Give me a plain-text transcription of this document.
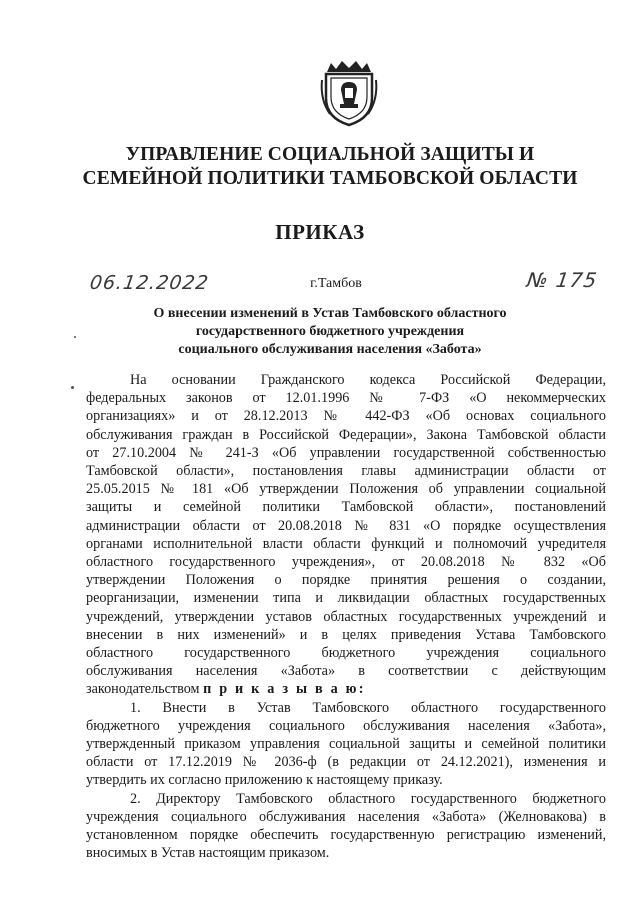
УПРАВЛЕНИЕ СОЦИАЛЬНОЙ ЗАЩИТЫ И
СЕМЕЙНОЙ ПОЛИТИКИ ТАМБОВСКОЙ ОБЛАСТИ
ПРИКАЗ
06.12.2022	г.Тамбов	№ 175
О внесении изменений в Устав Тамбовского областного
государственного бюджетного учреждения
социального обслуживания населения «Забота»
На основании Гражданского кодекса Российской Федерации,
федеральных законов от 12.01.1996 № 7-ФЗ «О некоммерческих
организациях» и от 28.12.2013 № 442-ФЗ «Об основах социального
обслуживания граждан в Российской Федерации», Закона Тамбовской области
от 27.10.2004 № 241-З «Об управлении государственной собственностью
Тамбовской области», постановления главы администрации области от
25.05.2015 № 181 «Об утверждении Положения об управлении социальной
защиты и семейной политики Тамбовской области», постановлений
администрации области от 20.08.2018 № 831 «О порядке осуществления
органами исполнительной власти области функций и полномочий учредителя
областного государственного учреждения», от 20.08.2018 № 832 «Об
утверждении Положения о порядке принятия решения о создании,
реорганизации, изменении типа и ликвидации областных государственных
учреждений, утверждении уставов областных государственных учреждений и
внесении в них изменений» и в целях приведения Устава Тамбовского
областного государственного бюджетного учреждения социального
обслуживания населения «Забота» в соответствии с действующим
законодательством п р и к а з ы в а ю:
1. Внести в Устав Тамбовского областного государственного
бюджетного учреждения социального обслуживания населения «Забота»,
утвержденный приказом управления социальной защиты и семейной политики
области от 17.12.2019 № 2036-ф (в редакции от 24.12.2021), изменения и
утвердить их согласно приложению к настоящему приказу.
2. Директору Тамбовского областного государственного бюджетного
учреждения социального обслуживания населения «Забота» (Желновакова) в
установленном порядке обеспечить государственную регистрацию изменений,
вносимых в Устав настоящим приказом.
